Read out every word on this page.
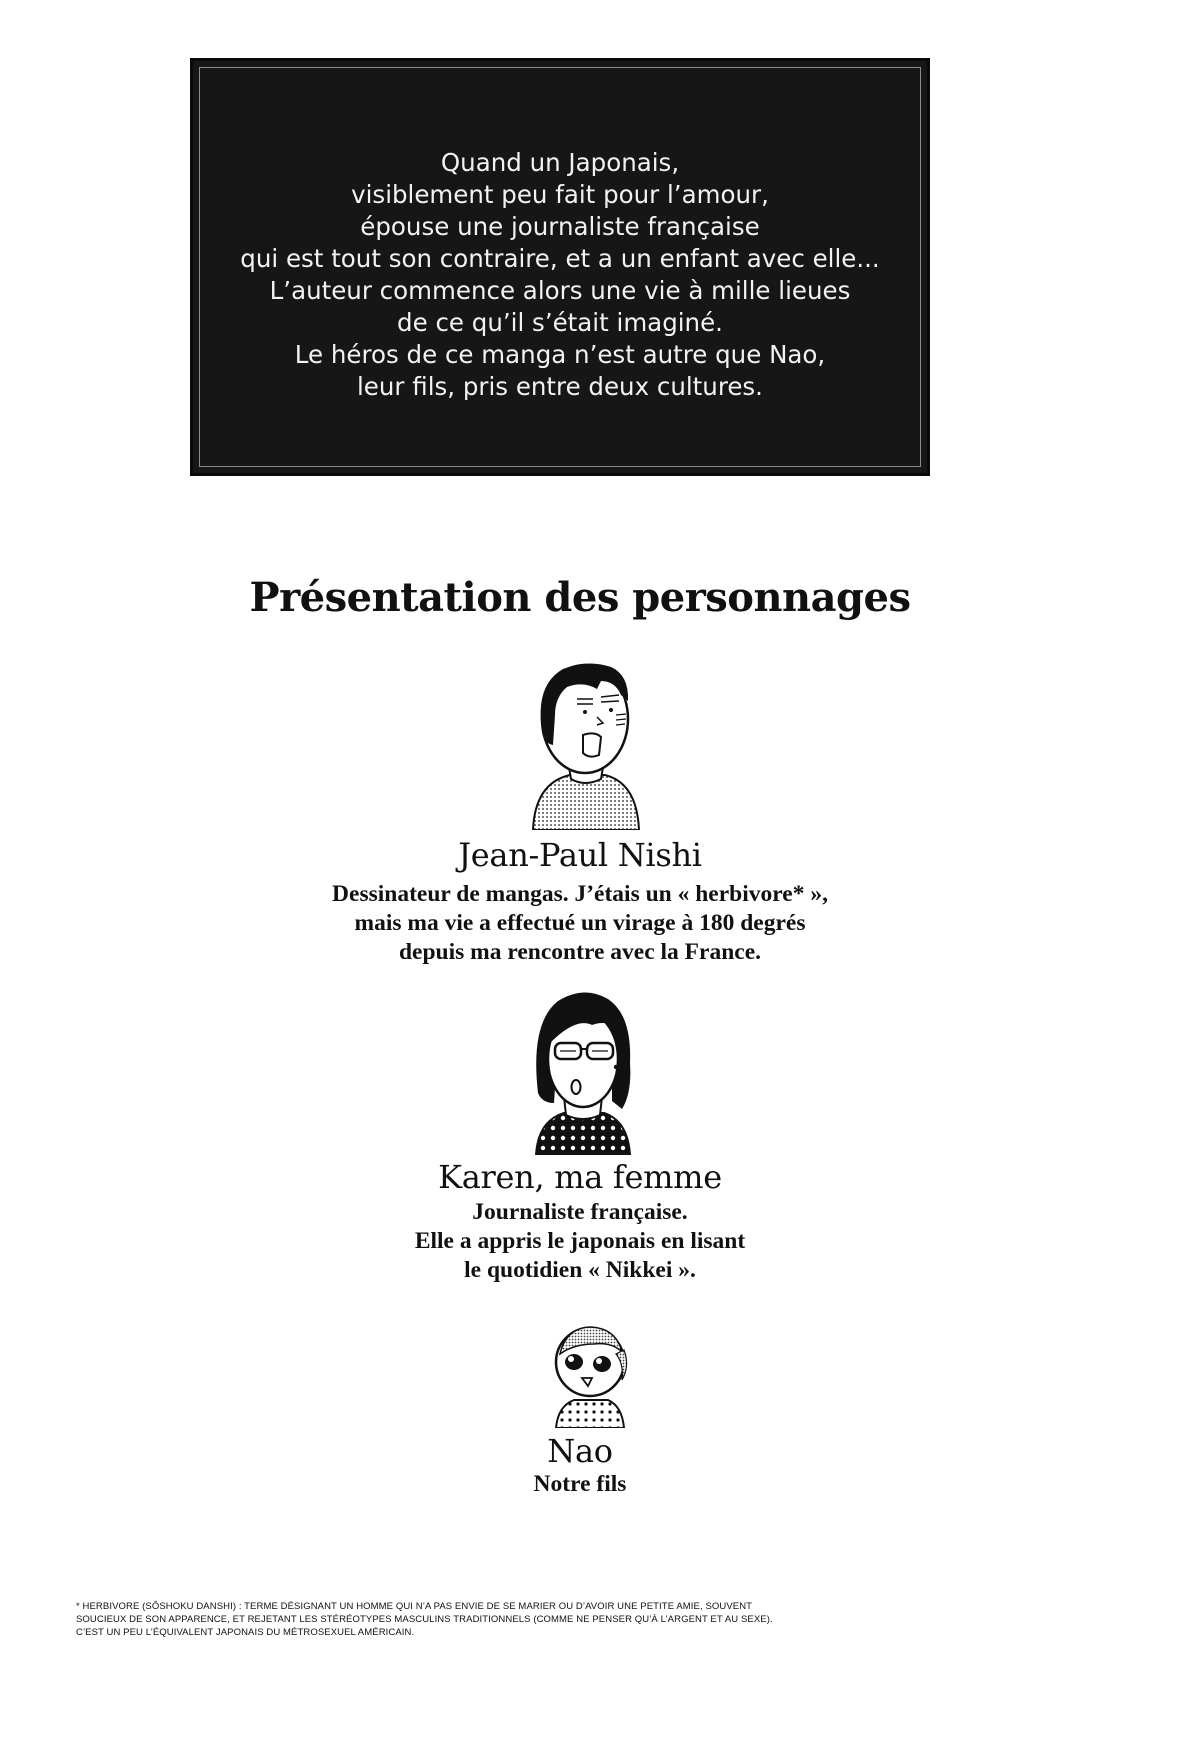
Quand un Japonais,
visiblement peu fait pour l’amour,
épouse une journaliste française
qui est tout son contraire, et a un enfant avec elle...
L’auteur commence alors une vie à mille lieues
de ce qu’il s’était imaginé.
Le héros de ce manga n’est autre que Nao,
leur fils, pris entre deux cultures.
Présentation des personnages
Jean-Paul Nishi
Dessinateur de mangas. J’étais un « herbivore* »,
mais ma vie a effectué un virage à 180 degrés
depuis ma rencontre avec la France.
Karen, ma femme
Journaliste française.
Elle a appris le japonais en lisant
le quotidien « Nikkei ».
Nao
Notre fils
* HERBIVORE (SÔSHOKU DANSHI) : TERME DÉSIGNANT UN HOMME QUI N’A PAS ENVIE DE SE MARIER OU D’AVOIR UNE PETITE AMIE, SOUVENT
SOUCIEUX DE SON APPARENCE, ET REJETANT LES STÉRÉOTYPES MASCULINS TRADITIONNELS (COMME NE PENSER QU’À L’ARGENT ET AU SEXE).
C’EST UN PEU L’ÉQUIVALENT JAPONAIS DU MÉTROSEXUEL AMÉRICAIN.
